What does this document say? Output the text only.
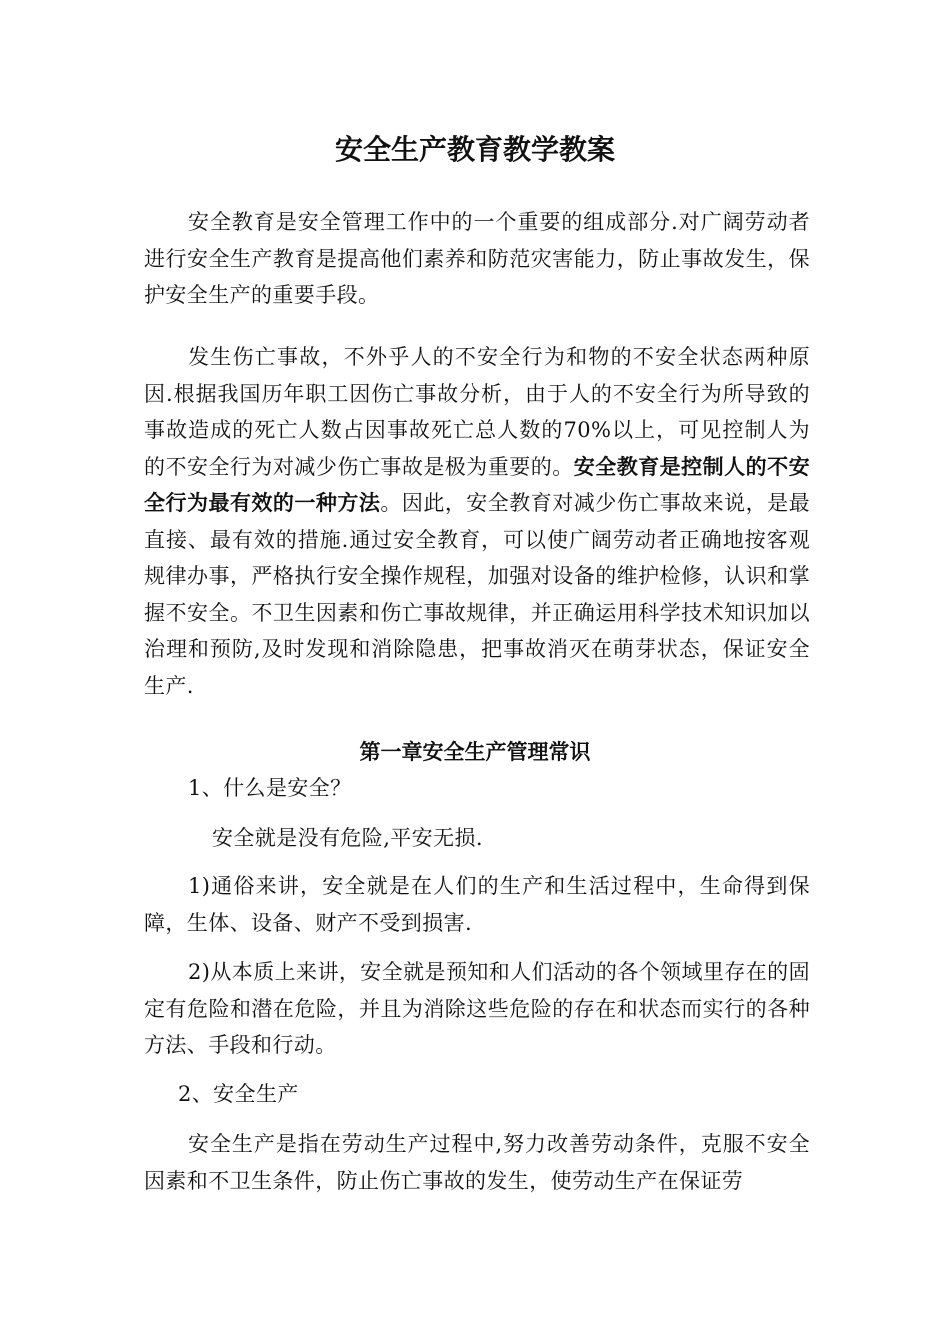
安全生产教育教学教案

安全教育是安全管理工作中的一个重要的组成部分.对广阔劳动者进行安全生产教育是提高他们素养和防范灾害能力，防止事故发生，保护安全生产的重要手段。

发生伤亡事故，不外乎人的不安全行为和物的不安全状态两种原因.根据我国历年职工因伤亡事故分析，由于人的不安全行为所导致的事故造成的死亡人数占因事故死亡总人数的70%以上，可见控制人为的不安全行为对减少伤亡事故是极为重要的。安全教育是控制人的不安全行为最有效的一种方法。因此，安全教育对减少伤亡事故来说，是最直接、最有效的措施.通过安全教育，可以使广阔劳动者正确地按客观规律办事，严格执行安全操作规程，加强对设备的维护检修，认识和掌握不安全。不卫生因素和伤亡事故规律，并正确运用科学技术知识加以治理和预防,及时发现和消除隐患，把事故消灭在萌芽状态，保证安全生产.

第一章安全生产管理常识

1、什么是安全？

安全就是没有危险,平安无损.

1)通俗来讲，安全就是在人们的生产和生活过程中，生命得到保障，生体、设备、财产不受到损害.

2)从本质上来讲，安全就是预知和人们活动的各个领域里存在的固定有危险和潜在危险，并且为消除这些危险的存在和状态而实行的各种方法、手段和行动。

2、安全生产

安全生产是指在劳动生产过程中,努力改善劳动条件，克服不安全因素和不卫生条件，防止伤亡事故的发生，使劳动生产在保证劳
